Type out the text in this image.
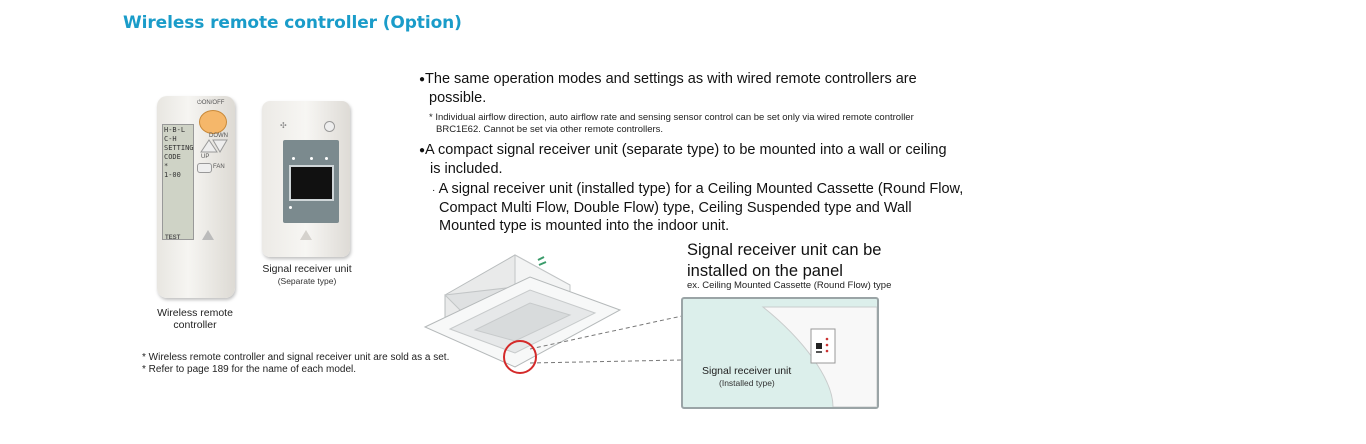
Wireless remote controller (Option)
⏻ON/OFF
H-B-L
C-H
SETTING
CODE
*
1-00
DOWN
UP
FAN
TEST
Wireless remote
controller
✣
Signal receiver unit
(Separate type)
●The same operation modes and settings as with wired remote controllers are
possible.
* Individual airflow direction, auto airflow rate and sensing sensor control can be set only via wired remote controller
BRC1E62. Cannot be set via other remote controllers.
●A compact signal receiver unit (separate type) to be mounted into a wall or ceiling
is included.
· A signal receiver unit (installed type) for a Ceiling Mounted Cassette (Round Flow,
Compact Multi Flow, Double Flow) type, Ceiling Suspended type and Wall
Mounted type is mounted into the indoor unit.
Signal receiver unit can be
installed on the panel
ex. Ceiling Mounted Cassette (Round Flow) type
Signal receiver unit
(Installed type)
* Wireless remote controller and signal receiver unit are sold as a set.
* Refer to page 189 for the name of each model.
